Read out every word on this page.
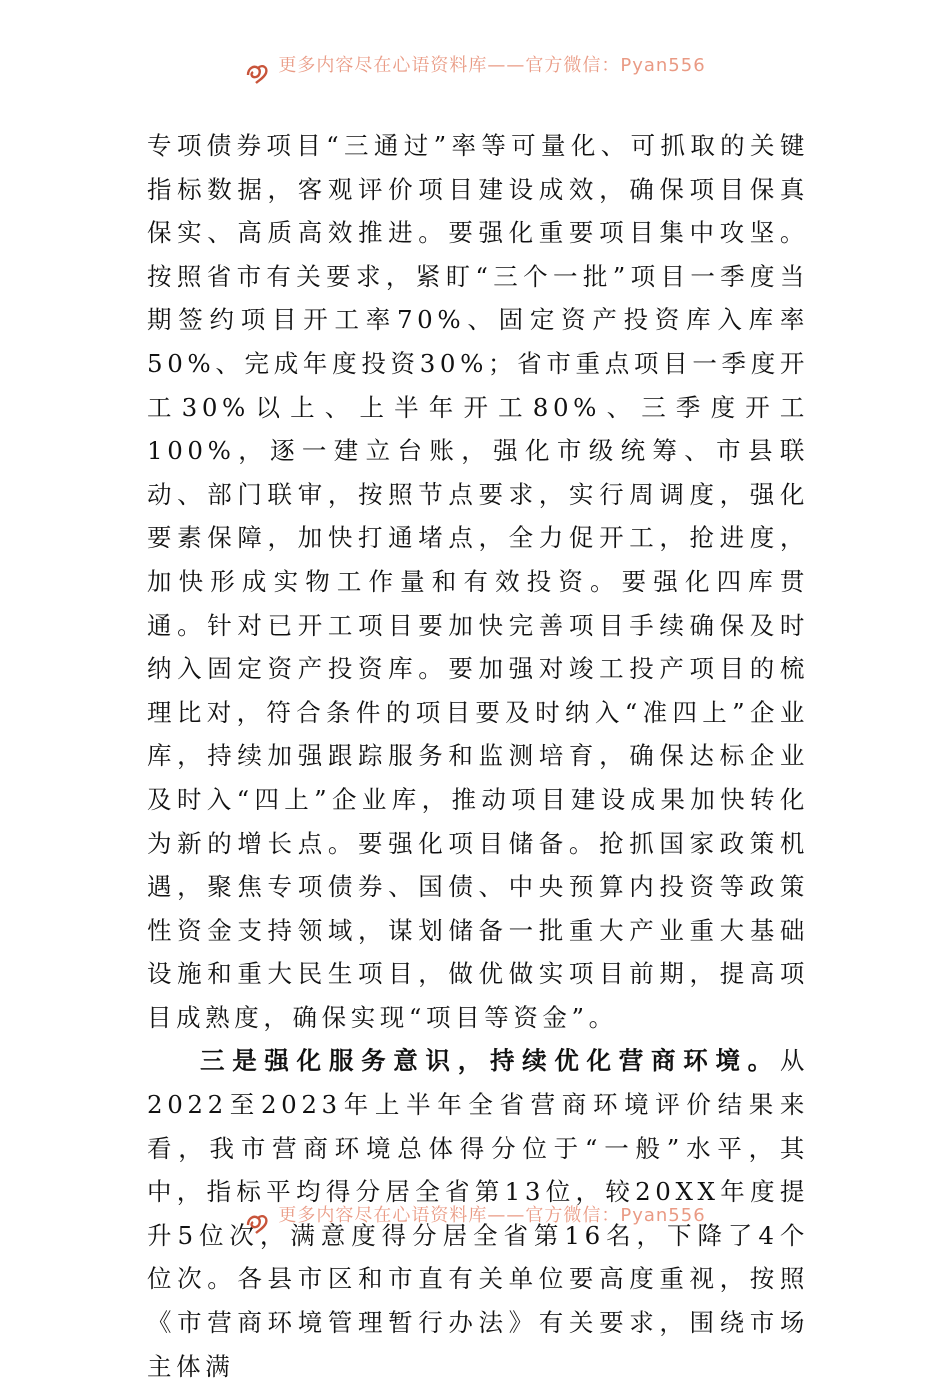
更多内容尽在心语资料库——官方微信：Pyan556

专项债券项目“三通过”率等可量化、可抓取的关键指标数据，客观评价项目建设成效，确保项目保真保实、高质高效推进。要强化重要项目集中攻坚。按照省市有关要求，紧盯“三个一批”项目一季度当期签约项目开工率70%、固定资产投资库入库率50%、完成年度投资30%；省市重点项目一季度开工30%以上、上半年开工80%、三季度开工100%，逐一建立台账，强化市级统筹、市县联动、部门联审，按照节点要求，实行周调度，强化要素保障，加快打通堵点，全力促开工，抢进度，加快形成实物工作量和有效投资。要强化四库贯通。针对已开工项目要加快完善项目手续确保及时纳入固定资产投资库。要加强对竣工投产项目的梳理比对，符合条件的项目要及时纳入“准四上”企业库，持续加强跟踪服务和监测培育，确保达标企业及时入“四上”企业库，推动项目建设成果加快转化为新的增长点。要强化项目储备。抢抓国家政策机遇，聚焦专项债券、国债、中央预算内投资等政策性资金支持领域，谋划储备一批重大产业重大基础设施和重大民生项目，做优做实项目前期，提高项目成熟度，确保实现“项目等资金”。

三是强化服务意识，持续优化营商环境。从2022至2023年上半年全省营商环境评价结果来看，我市营商环境总体得分位于“一般”水平，其中，指标平均得分居全省第13位，较20XX年度提升5位次，满意度得分居全省第16名，下降了4个位次。各县市区和市直有关单位要高度重视，按照《市营商环境管理暂行办法》有关要求，围绕市场主体满

更多内容尽在心语资料库——官方微信：Pyan556
